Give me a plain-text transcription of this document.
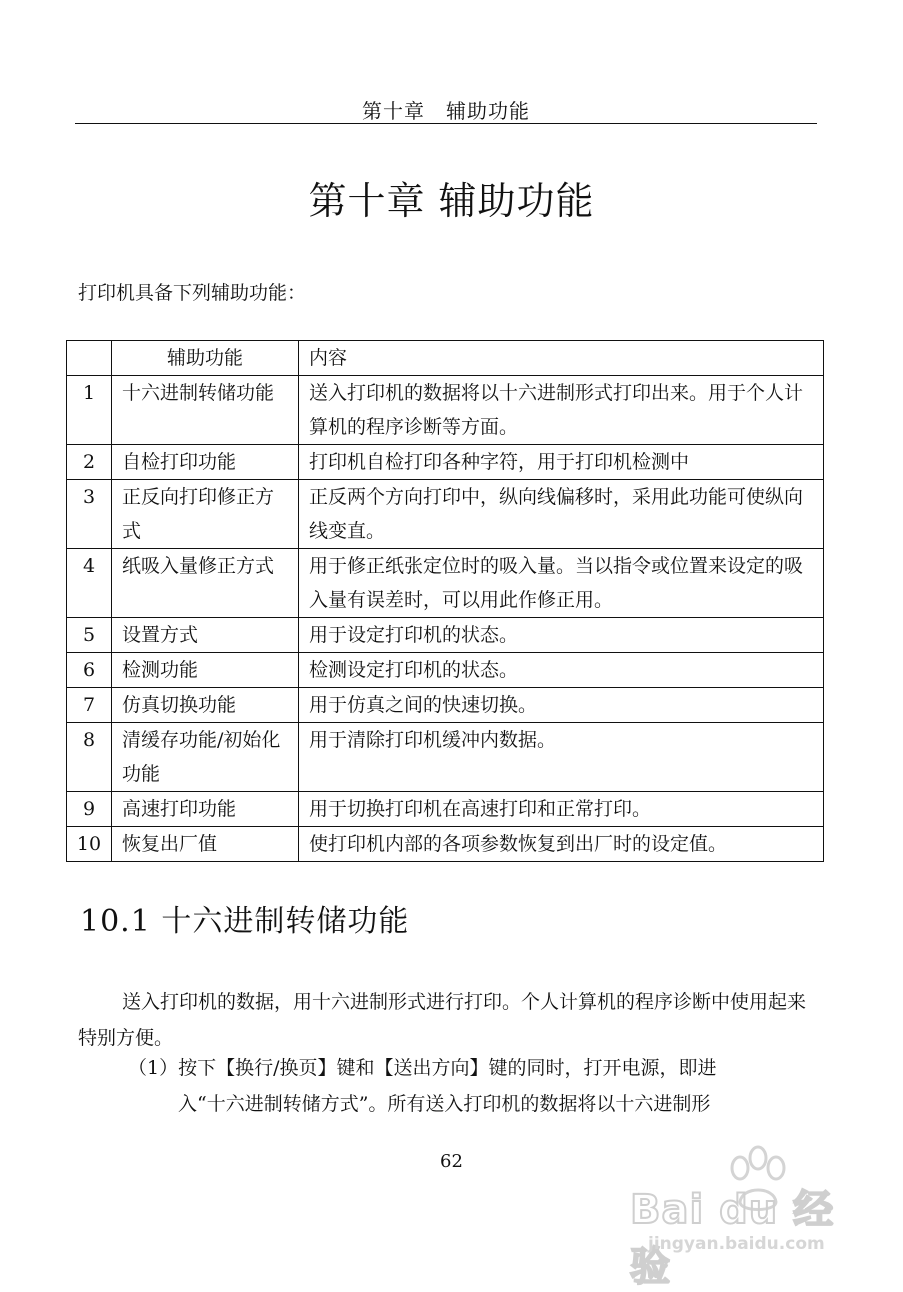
第十章　辅助功能
第十章 辅助功能
打印机具备下列辅助功能：
	辅助功能	内容
1	十六进制转储功能	送入打印机的数据将以十六进制形式打印出来。用于个人计算机的程序诊断等方面。
2	自检打印功能	打印机自检打印各种字符，用于打印机检测中
3	正反向打印修正方式	正反两个方向打印中，纵向线偏移时，采用此功能可使纵向线变直。
4	纸吸入量修正方式	用于修正纸张定位时的吸入量。当以指令或位置来设定的吸入量有误差时，可以用此作修正用。
5	设置方式	用于设定打印机的状态。
6	检测功能	检测设定打印机的状态。
7	仿真切换功能	用于仿真之间的快速切换。
8	清缓存功能/初始化功能	用于清除打印机缓冲内数据。
9	高速打印功能	用于切换打印机在高速打印和正常打印。
10	恢复出厂值	使打印机内部的各项参数恢复到出厂时的设定值。
10.1 十六进制转储功能
送入打印机的数据，用十六进制形式进行打印。个人计算机的程序诊断中使用起来特别方便。
（1）按下【换行/换页】键和【送出方向】键的同时，打开电源，即进
入“十六进制转储方式”。所有送入打印机的数据将以十六进制形
62
Bai du 经验
jingyan.baidu.com
